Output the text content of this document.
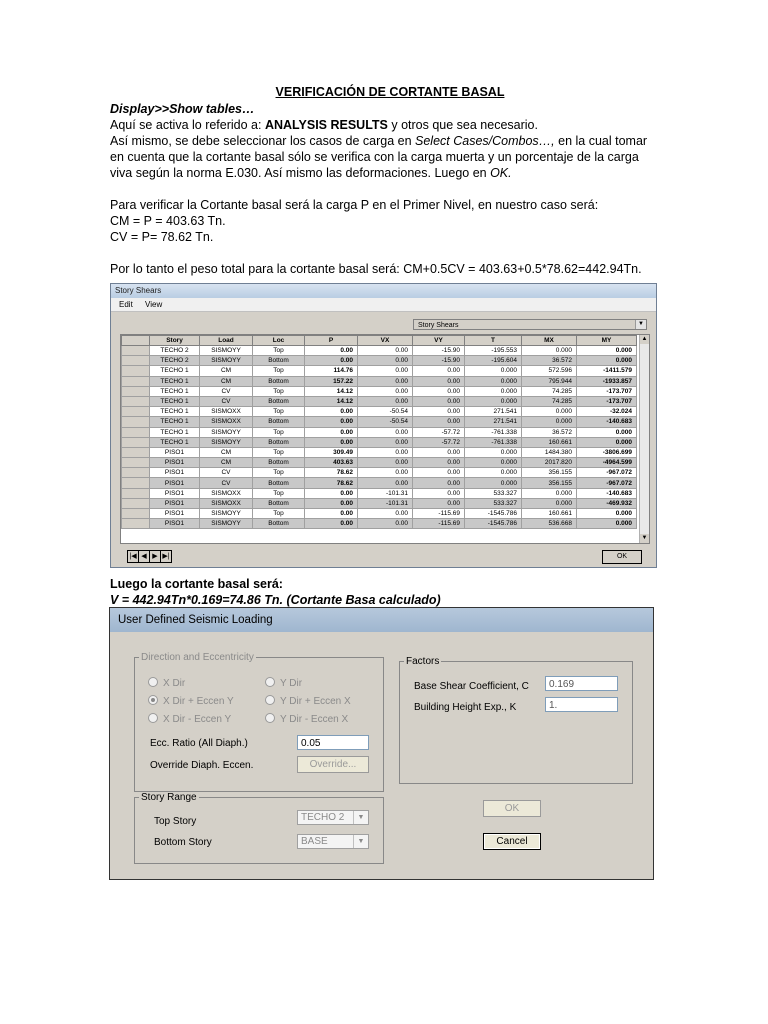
VERIFICACIÓN DE CORTANTE BASAL

Display>>Show tables…

Aquí se activa lo referido a: ANALYSIS RESULTS y otros que sea necesario.

Así mismo, se debe seleccionar los casos de carga en Select Cases/Combos…, en la cual tomar

en cuenta que la cortante basal sólo se verifica con la carga muerta y un porcentaje de la carga

viva según la norma E.030. Así mismo las deformaciones. Luego en OK.

Para verificar la Cortante basal será la carga P en el Primer Nivel, en nuestro caso será:

CM = P = 403.63 Tn.

CV = P= 78.62 Tn.

Por lo tanto el peso total para la cortante basal será: CM+0.5CV = 403.63+0.5*78.62=442.94Tn.

Story Shears
Edit View
Story Shears	▼
	Story	Load	Loc	P	VX	VY	T	MX	MY
	TECHO 2	SISMOYY	Top	0.00	0.00	-15.90	-195.553	0.000	0.000
	TECHO 2	SISMOYY	Bottom	0.00	0.00	-15.90	-195.604	36.572	0.000
	TECHO 1	CM	Top	114.76	0.00	0.00	0.000	572.596	-1411.579
	TECHO 1	CM	Bottom	157.22	0.00	0.00	0.000	795.944	-1933.857
	TECHO 1	CV	Top	14.12	0.00	0.00	0.000	74.285	-173.707
	TECHO 1	CV	Bottom	14.12	0.00	0.00	0.000	74.285	-173.707
	TECHO 1	SISMOXX	Top	0.00	-50.54	0.00	271.541	0.000	-32.024
	TECHO 1	SISMOXX	Bottom	0.00	-50.54	0.00	271.541	0.000	-140.683
	TECHO 1	SISMOYY	Top	0.00	0.00	-57.72	-761.338	36.572	0.000
	TECHO 1	SISMOYY	Bottom	0.00	0.00	-57.72	-761.338	160.661	0.000
	PISO1	CM	Top	309.49	0.00	0.00	0.000	1484.380	-3806.699
	PISO1	CM	Bottom	403.63	0.00	0.00	0.000	2017.820	-4964.599
	PISO1	CV	Top	78.62	0.00	0.00	0.000	356.155	-967.072
	PISO1	CV	Bottom	78.62	0.00	0.00	0.000	356.155	-967.072
	PISO1	SISMOXX	Top	0.00	-101.31	0.00	533.327	0.000	-140.683
	PISO1	SISMOXX	Bottom	0.00	-101.31	0.00	533.327	0.000	-469.932
	PISO1	SISMOYY	Top	0.00	0.00	-115.69	-1545.786	160.661	0.000
	PISO1	SISMOYY	Bottom	0.00	0.00	-115.69	-1545.786	536.668	0.000
▲
▼
|◀ ◀ ▶ ▶|	OK

Luego la cortante basal será:

V = 442.94Tn*0.169=74.86 Tn. (Cortante Basa calculado)

User Defined Seismic Loading
Direction and Eccentricity
X Dir
X Dir + Eccen Y
X Dir - Eccen Y
Y Dir
Y Dir + Eccen X
Y Dir - Eccen X
Ecc. Ratio (All Diaph.)	0.05
Override Diaph. Eccen.	Override...
Story Range
Top Story	TECHO 2	▼
Bottom Story	BASE	▼
Factors
Base Shear Coefficient, C	0.169
Building Height Exp., K	1.
OK
Cancel
